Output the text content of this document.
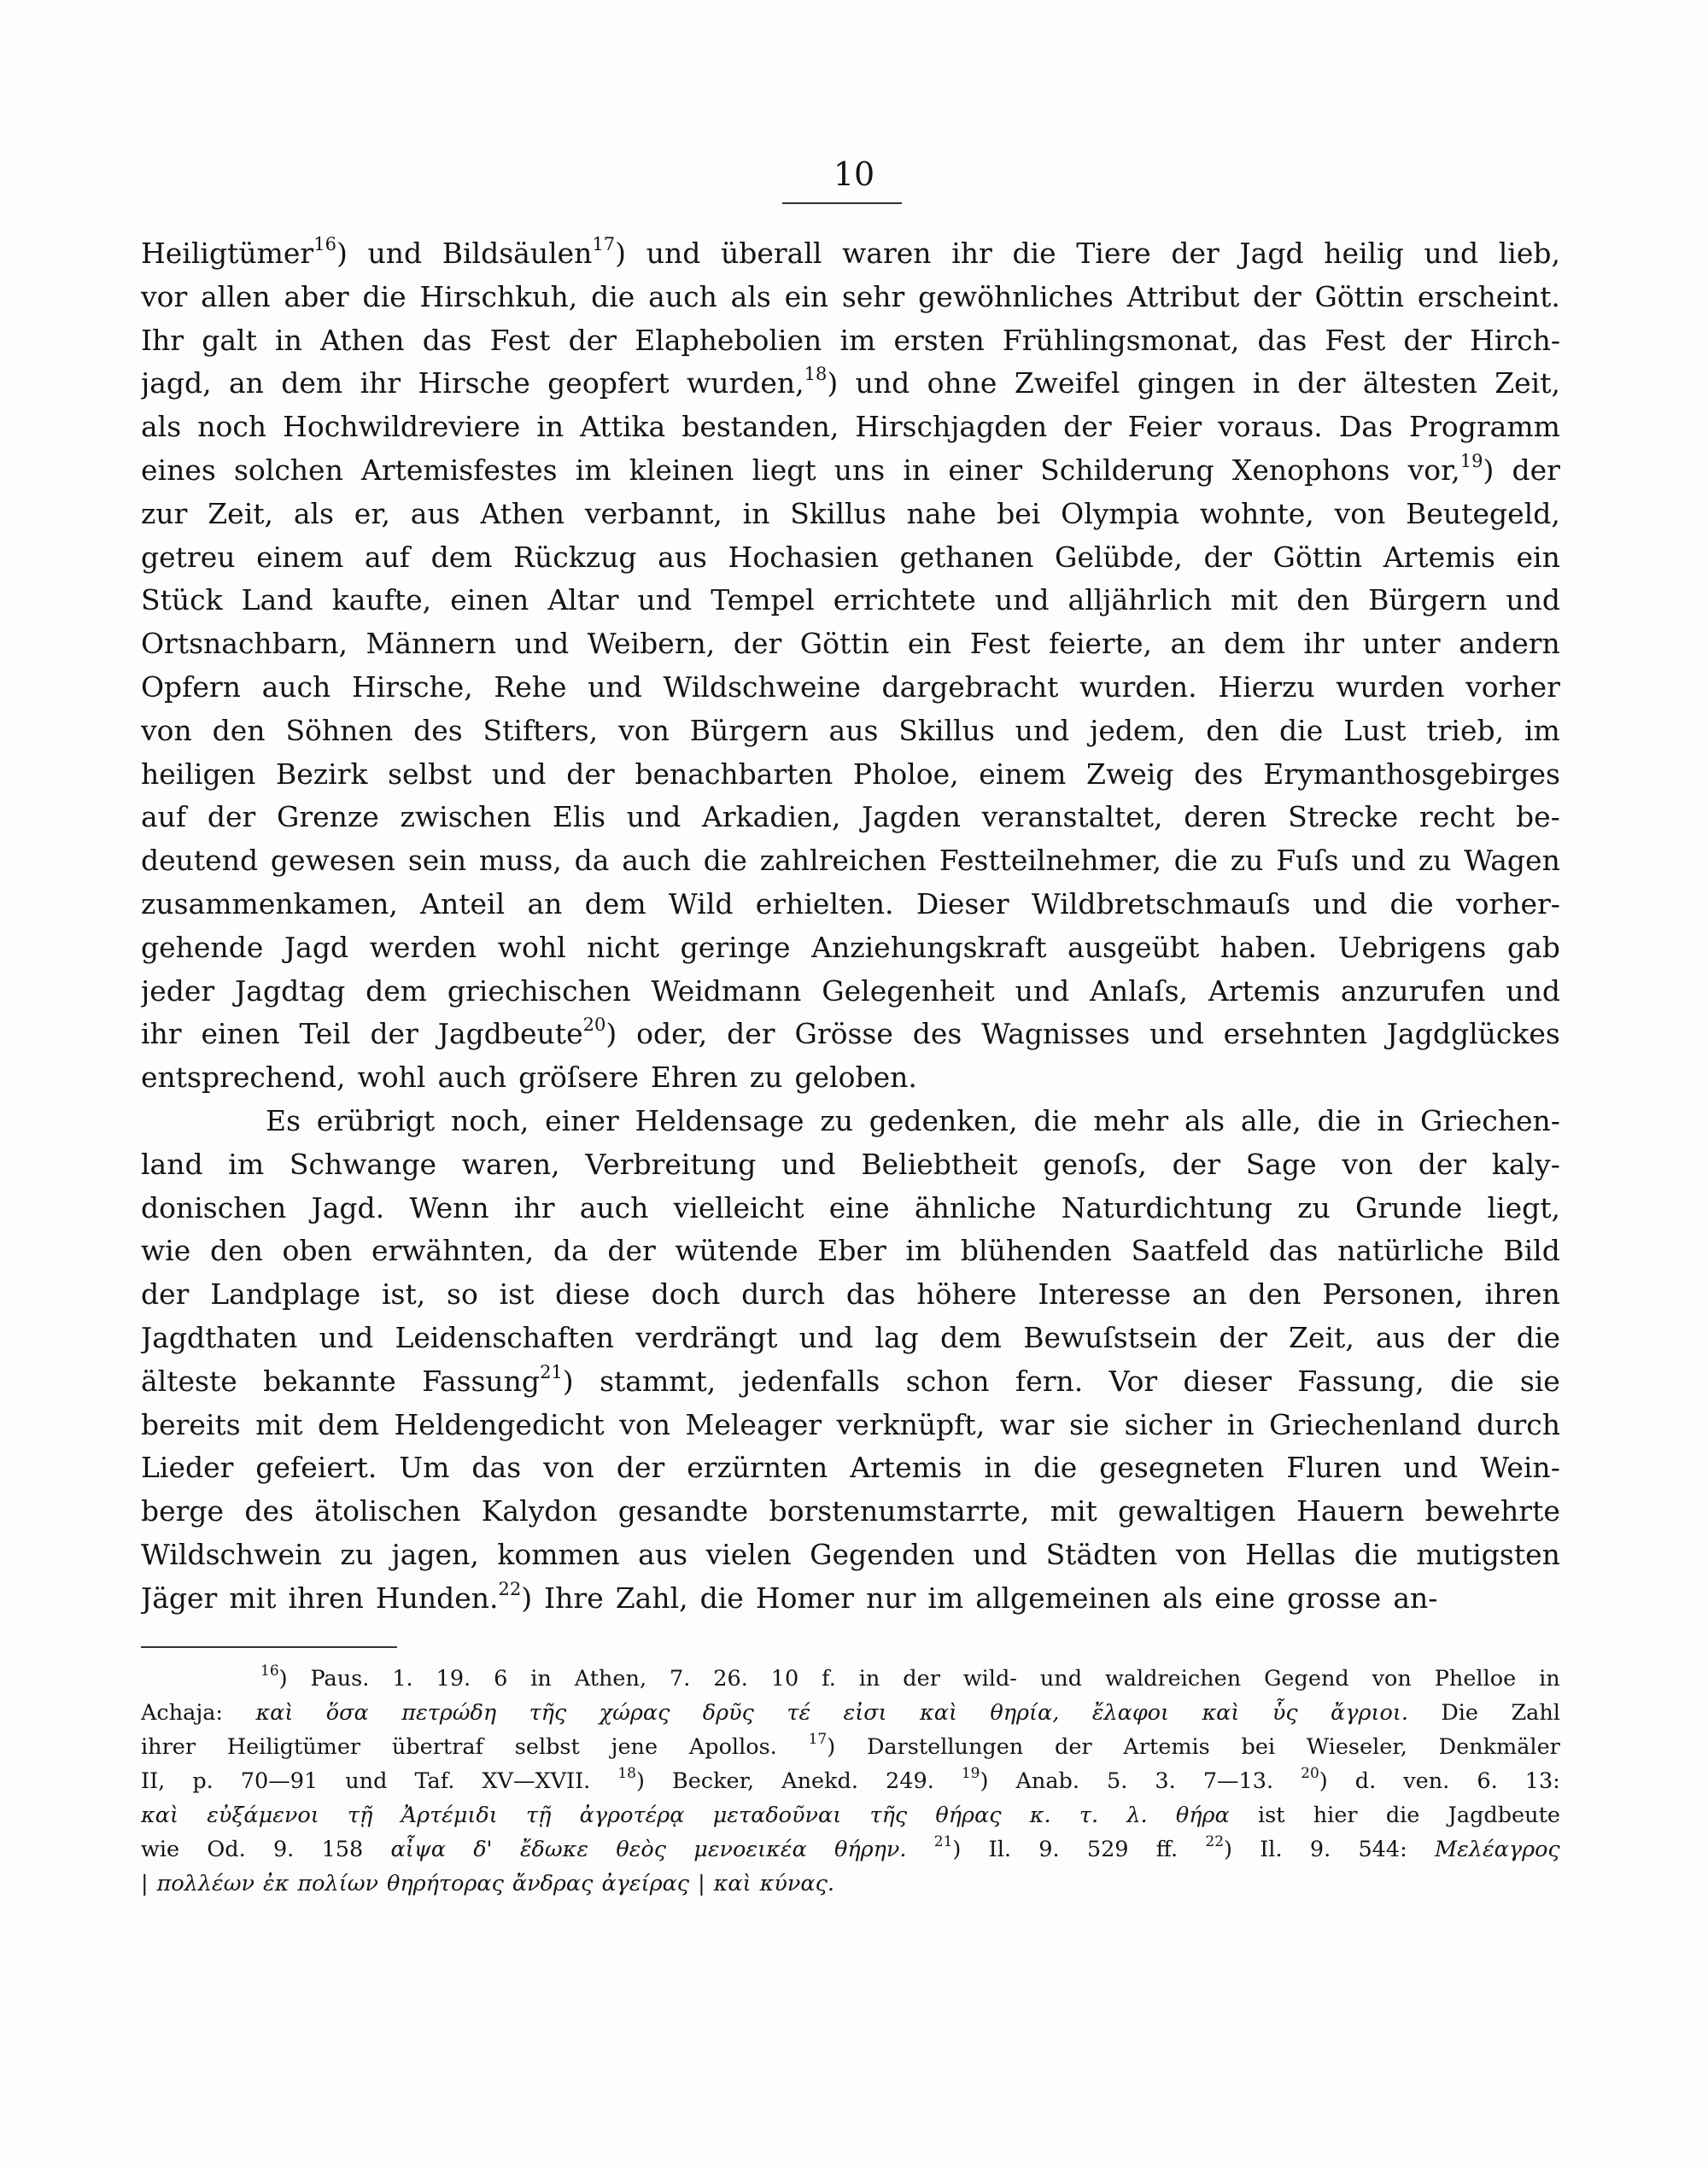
10
Heiligtümer$^{16}$) und Bildsäulen$^{17}$) und überall waren ihr die Tiere der Jagd heilig und lieb,
vor allen aber die Hirschkuh, die auch als ein sehr gewöhnliches Attribut der Göttin erscheint.
Ihr galt in Athen das Fest der Elaphebolien im ersten Frühlingsmonat, das Fest der Hirch-
jagd, an dem ihr Hirsche geopfert wurden,$^{18}$) und ohne Zweifel gingen in der ältesten Zeit,
als noch Hochwildreviere in Attika bestanden, Hirschjagden der Feier voraus. Das Programm
eines solchen Artemisfestes im kleinen liegt uns in einer Schilderung Xenophons vor,$^{19}$) der
zur Zeit, als er, aus Athen verbannt, in Skillus nahe bei Olympia wohnte, von Beutegeld,
getreu einem auf dem Rückzug aus Hochasien gethanen Gelübde, der Göttin Artemis ein
Stück Land kaufte, einen Altar und Tempel errichtete und alljährlich mit den Bürgern und
Ortsnachbarn, Männern und Weibern, der Göttin ein Fest feierte, an dem ihr unter andern
Opfern auch Hirsche, Rehe und Wildschweine dargebracht wurden. Hierzu wurden vorher
von den Söhnen des Stifters, von Bürgern aus Skillus und jedem, den die Lust trieb, im
heiligen Bezirk selbst und der benachbarten Pholoe, einem Zweig des Erymanthosgebirges
auf der Grenze zwischen Elis und Arkadien, Jagden veranstaltet, deren Strecke recht be-
deutend gewesen sein muss, da auch die zahlreichen Festteilnehmer, die zu Fuſs und zu Wagen
zusammenkamen, Anteil an dem Wild erhielten. Dieser Wildbretschmauſs und die vorher-
gehende Jagd werden wohl nicht geringe Anziehungskraft ausgeübt haben. Uebrigens gab
jeder Jagdtag dem griechischen Weidmann Gelegenheit und Anlaſs, Artemis anzurufen und
ihr einen Teil der Jagdbeute$^{20}$) oder, der Grösse des Wagnisses und ersehnten Jagdglückes
entsprechend, wohl auch gröſsere Ehren zu geloben.
Es erübrigt noch, einer Heldensage zu gedenken, die mehr als alle, die in Griechen-
land im Schwange waren, Verbreitung und Beliebtheit genoſs, der Sage von der kaly-
donischen Jagd. Wenn ihr auch vielleicht eine ähnliche Naturdichtung zu Grunde liegt,
wie den oben erwähnten, da der wütende Eber im blühenden Saatfeld das natürliche Bild
der Landplage ist, so ist diese doch durch das höhere Interesse an den Personen, ihren
Jagdthaten und Leidenschaften verdrängt und lag dem Bewuſstsein der Zeit, aus der die
älteste bekannte Fassung$^{21}$) stammt, jedenfalls schon fern. Vor dieser Fassung, die sie
bereits mit dem Heldengedicht von Meleager verknüpft, war sie sicher in Griechenland durch
Lieder gefeiert. Um das von der erzürnten Artemis in die gesegneten Fluren und Wein-
berge des ätolischen Kalydon gesandte borstenumstarrte, mit gewaltigen Hauern bewehrte
Wildschwein zu jagen, kommen aus vielen Gegenden und Städten von Hellas die mutigsten
Jäger mit ihren Hunden.$^{22}$) Ihre Zahl, die Homer nur im allgemeinen als eine grosse an-
$^{16}$) Paus. 1. 19. 6 in Athen, 7. 26. 10 f. in der wild- und waldreichen Gegend von Phelloe in
Achaja: καὶ ὅσα πετρώδη τῆς χώρας δρῦς τέ εἰσι καὶ θηρία, ἔλαφοι καὶ ὗς ἄγριοι. Die Zahl
ihrer Heiligtümer übertraf selbst jene Apollos. $^{17}$) Darstellungen der Artemis bei Wieseler, Denkmäler
II, p. 70—91 und Taf. XV—XVII. $^{18}$) Becker, Anekd. 249. $^{19}$) Anab. 5. 3. 7—13. $^{20}$) d. ven. 6. 13:
καὶ εὐξάμενοι τῇ Ἀρτέμιδι τῇ ἀγροτέρᾳ μεταδοῦναι τῆς θήρας κ. τ. λ. θήρα ist hier die Jagdbeute
wie Od. 9. 158 αἶψα δ' ἔδωκε θεὸς μενοεικέα θήρην. $^{21}$) Il. 9. 529 ff. $^{22}$) Il. 9. 544: Μελέαγρος
| πολλέων ἐκ πολίων θηρήτορας ἄνδρας ἀγείρας | καὶ κύνας.
